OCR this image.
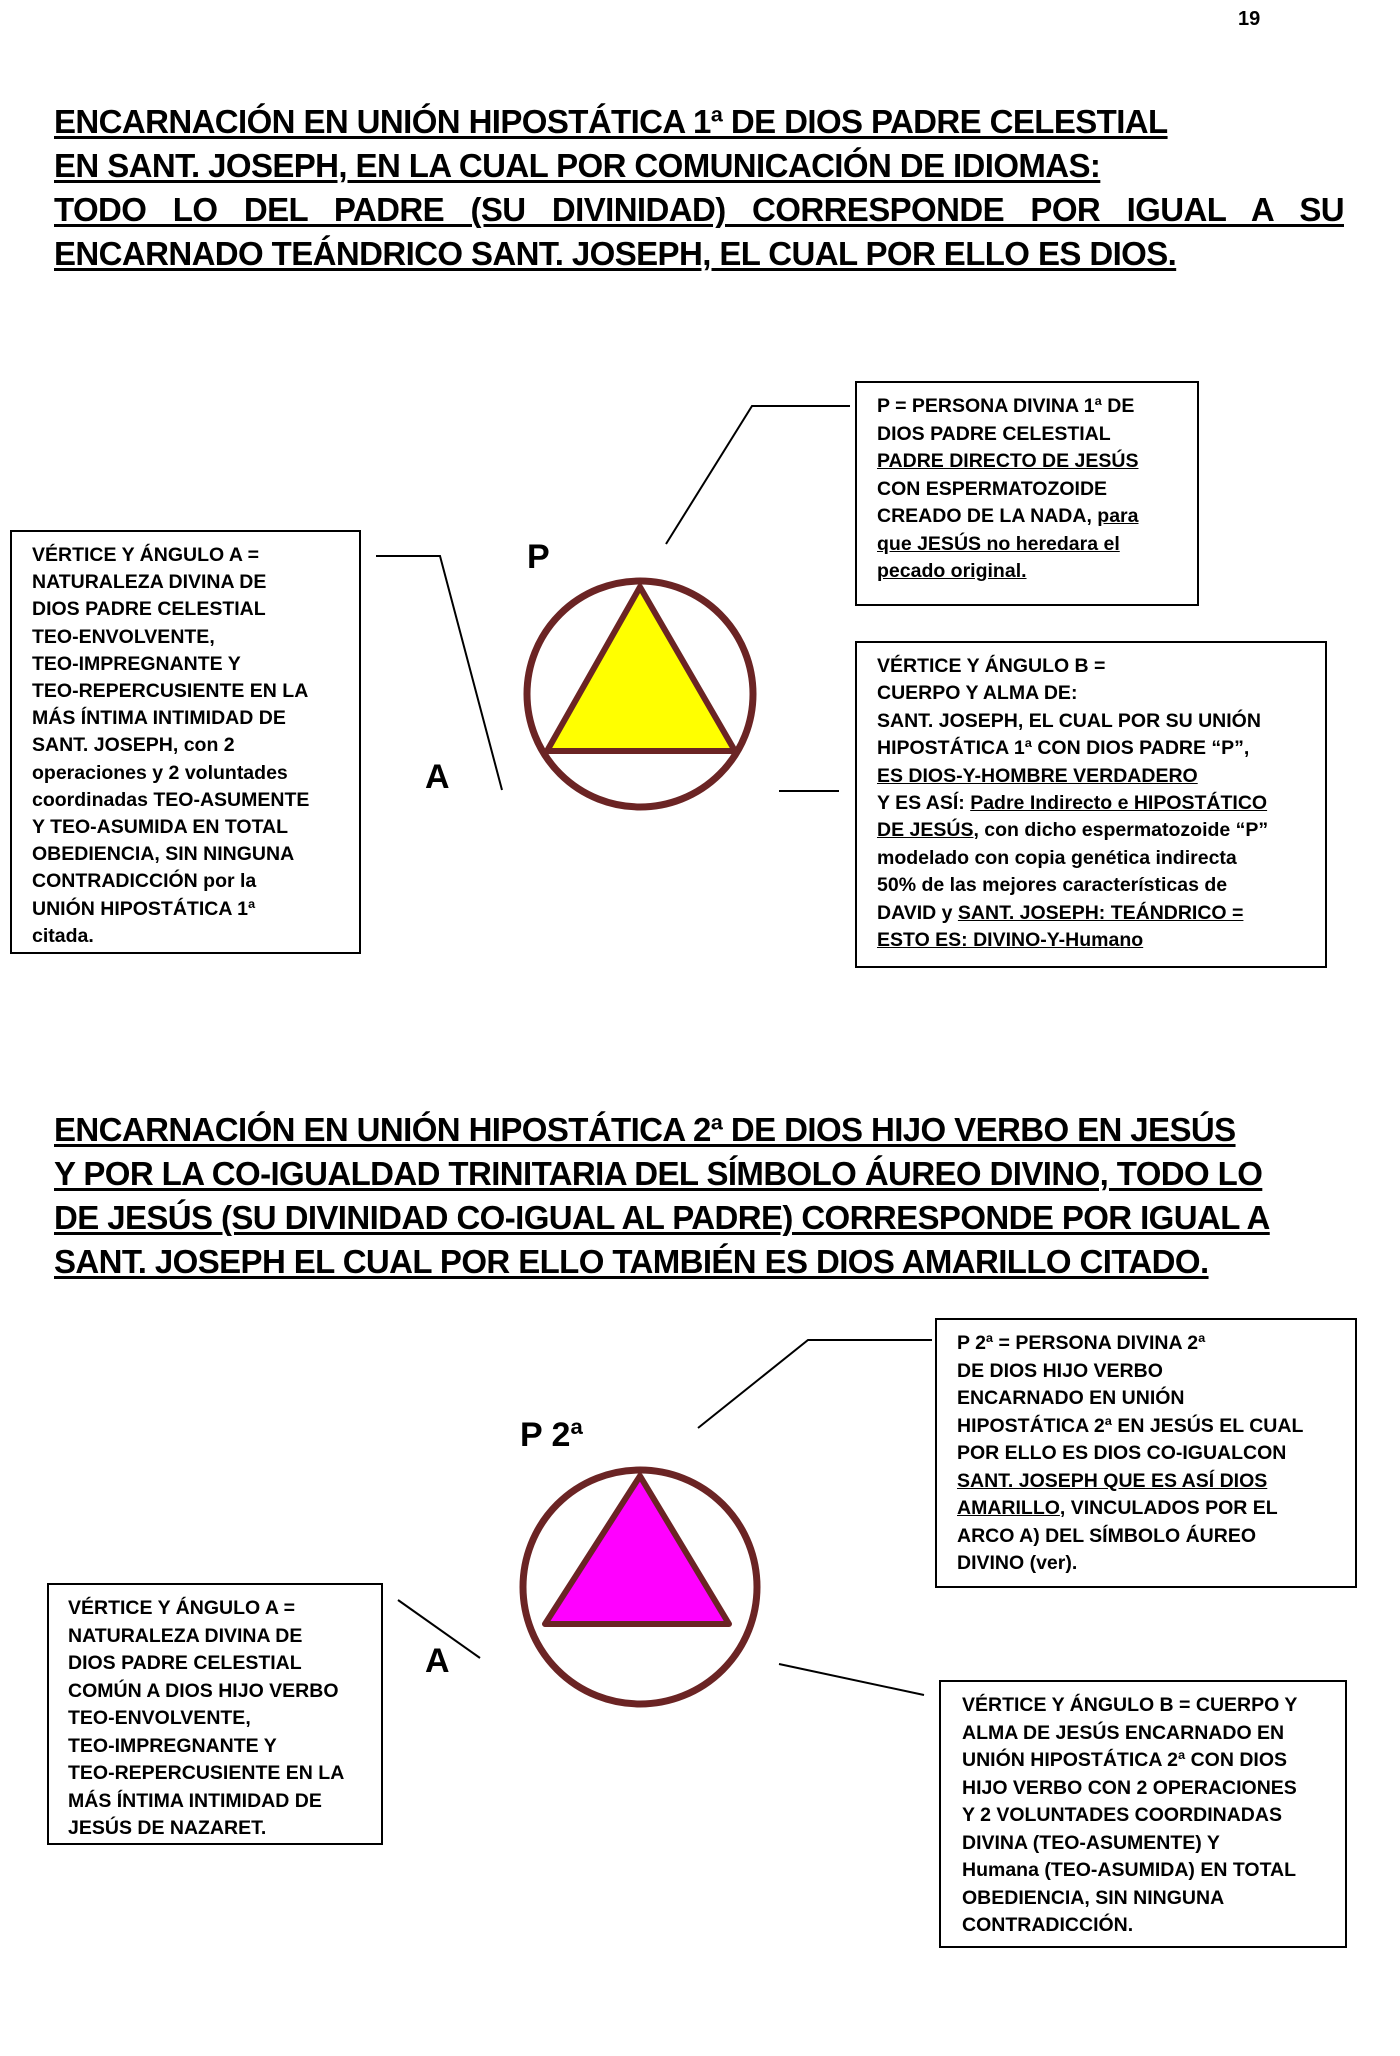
19
ENCARNACIÓN EN UNIÓN HIPOSTÁTICA 1ª DE DIOS PADRE CELESTIAL
EN SANT. JOSEPH, EN LA CUAL POR COMUNICACIÓN DE IDIOMAS:
TODO LO DEL PADRE (SU DIVINIDAD) CORRESPONDE POR IGUAL A SU
ENCARNADO TEÁNDRICO SANT. JOSEPH, EL CUAL POR ELLO ES DIOS.
P
A
P = PERSONA DIVINA 1ª DE
DIOS PADRE CELESTIAL
PADRE DIRECTO DE JESÚS
CON ESPERMATOZOIDE
CREADO DE LA NADA, para
que JESÚS no heredara el
pecado original.
VÉRTICE Y ÁNGULO A =
NATURALEZA DIVINA DE
DIOS PADRE CELESTIAL
TEO-ENVOLVENTE,
TEO-IMPREGNANTE Y
TEO-REPERCUSIENTE EN LA
MÁS ÍNTIMA INTIMIDAD DE
SANT. JOSEPH, con 2
operaciones y 2 voluntades
coordinadas TEO-ASUMENTE
Y TEO-ASUMIDA EN TOTAL
OBEDIENCIA, SIN NINGUNA
CONTRADICCIÓN por la
UNIÓN HIPOSTÁTICA 1ª
citada.
VÉRTICE Y ÁNGULO B =
CUERPO Y ALMA DE:
SANT. JOSEPH, EL CUAL POR SU UNIÓN
HIPOSTÁTICA 1ª CON DIOS PADRE “P”,
ES DIOS-Y-HOMBRE VERDADERO
Y ES ASÍ: Padre Indirecto e HIPOSTÁTICO
DE JESÚS, con dicho espermatozoide “P”
modelado con copia genética indirecta
50% de las mejores características de
DAVID y SANT. JOSEPH: TEÁNDRICO =
ESTO ES: DIVINO-Y-Humano
ENCARNACIÓN EN UNIÓN HIPOSTÁTICA 2ª DE DIOS HIJO VERBO EN JESÚS
Y POR LA CO-IGUALDAD TRINITARIA DEL SÍMBOLO ÁUREO DIVINO, TODO LO
DE JESÚS (SU DIVINIDAD CO-IGUAL AL PADRE) CORRESPONDE POR IGUAL A
SANT. JOSEPH EL CUAL POR ELLO TAMBIÉN ES DIOS AMARILLO CITADO.
P 2ª
A
P 2ª = PERSONA DIVINA 2ª
DE DIOS HIJO VERBO
ENCARNADO EN UNIÓN
HIPOSTÁTICA 2ª EN JESÚS EL CUAL
POR ELLO ES DIOS CO-IGUALCON
SANT. JOSEPH QUE ES ASÍ DIOS
AMARILLO, VINCULADOS POR EL
ARCO A) DEL SÍMBOLO ÁUREO
DIVINO (ver).
VÉRTICE Y ÁNGULO A =
NATURALEZA DIVINA DE
DIOS PADRE CELESTIAL
COMÚN A DIOS HIJO VERBO
TEO-ENVOLVENTE,
TEO-IMPREGNANTE Y
TEO-REPERCUSIENTE EN LA
MÁS ÍNTIMA INTIMIDAD DE
JESÚS DE NAZARET.
VÉRTICE Y ÁNGULO B = CUERPO Y
ALMA DE JESÚS ENCARNADO EN
UNIÓN HIPOSTÁTICA 2ª CON DIOS
HIJO VERBO CON 2 OPERACIONES
Y 2 VOLUNTADES COORDINADAS
DIVINA (TEO-ASUMENTE) Y
Humana (TEO-ASUMIDA) EN TOTAL
OBEDIENCIA, SIN NINGUNA
CONTRADICCIÓN.
